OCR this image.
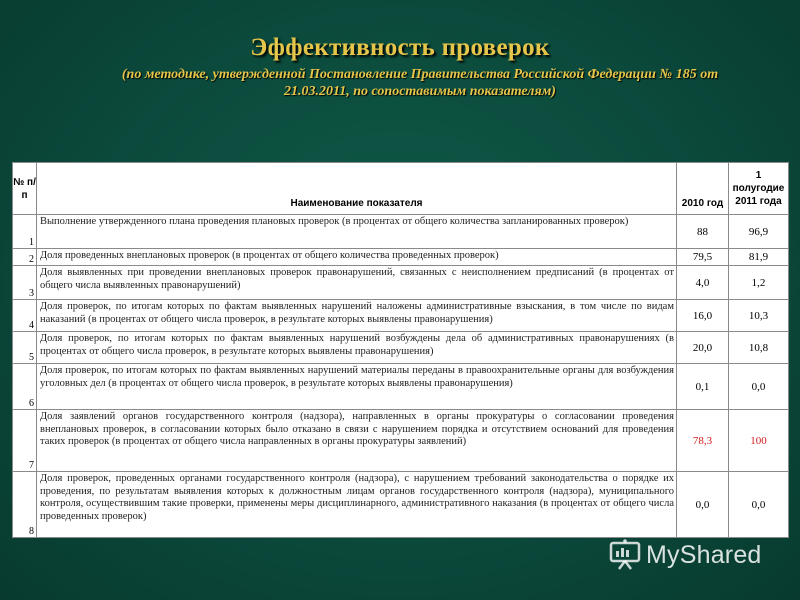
Эффективность проверок
(по методике, утвержденной Постановление Правительства Российской Федерации № 185 от
21.03.2011, по сопоставимым показателям)
№ п/п	Наименование показателя	2010 год	1 полугодие 2011 года
1	Выполнение утвержденного плана проведения плановых проверок (в процентах от общего количества запланированных проверок)	88	96,9
2	Доля проведенных внеплановых проверок (в процентах от общего количества проведенных проверок)	79,5	81,9
3	Доля выявленных при проведении внеплановых проверок правонарушений, связанных с неисполнением предписаний (в процентах от общего числа выявленных правонарушений)	4,0	1,2
4	Доля проверок, по итогам которых по фактам выявленных нарушений наложены административные взыскания, в том числе по видам наказаний (в процентах от общего числа проверок, в результате которых выявлены правонарушения)	16,0	10,3
5	Доля проверок, по итогам которых по фактам выявленных нарушений возбуждены дела об административных правонарушениях (в процентах от общего числа проверок, в результате которых выявлены правонарушения)	20,0	10,8
6	Доля проверок, по итогам которых по фактам выявленных нарушений материалы переданы в правоохранительные органы для возбуждения уголовных дел (в процентах от общего числа проверок, в результате которых выявлены правонарушения)	0,1	0,0
7	Доля заявлений органов государственного контроля (надзора), направленных в органы прокуратуры о согласовании проведения внеплановых проверок, в согласовании которых было отказано в связи с нарушением порядка и отсутствием оснований для проведения таких проверок (в процентах от общего числа направленных в органы прокуратуры заявлений)	78,3	100
8	Доля проверок, проведенных органами государственного контроля (надзора), с нарушением требований законодательства о порядке их проведения, по результатам выявления которых к должностным лицам органов государственного контроля (надзора), муниципального контроля, осуществившим такие проверки, применены меры дисциплинарного, административного наказания (в процентах от общего числа проведенных проверок)	0,0	0,0
MyShared
